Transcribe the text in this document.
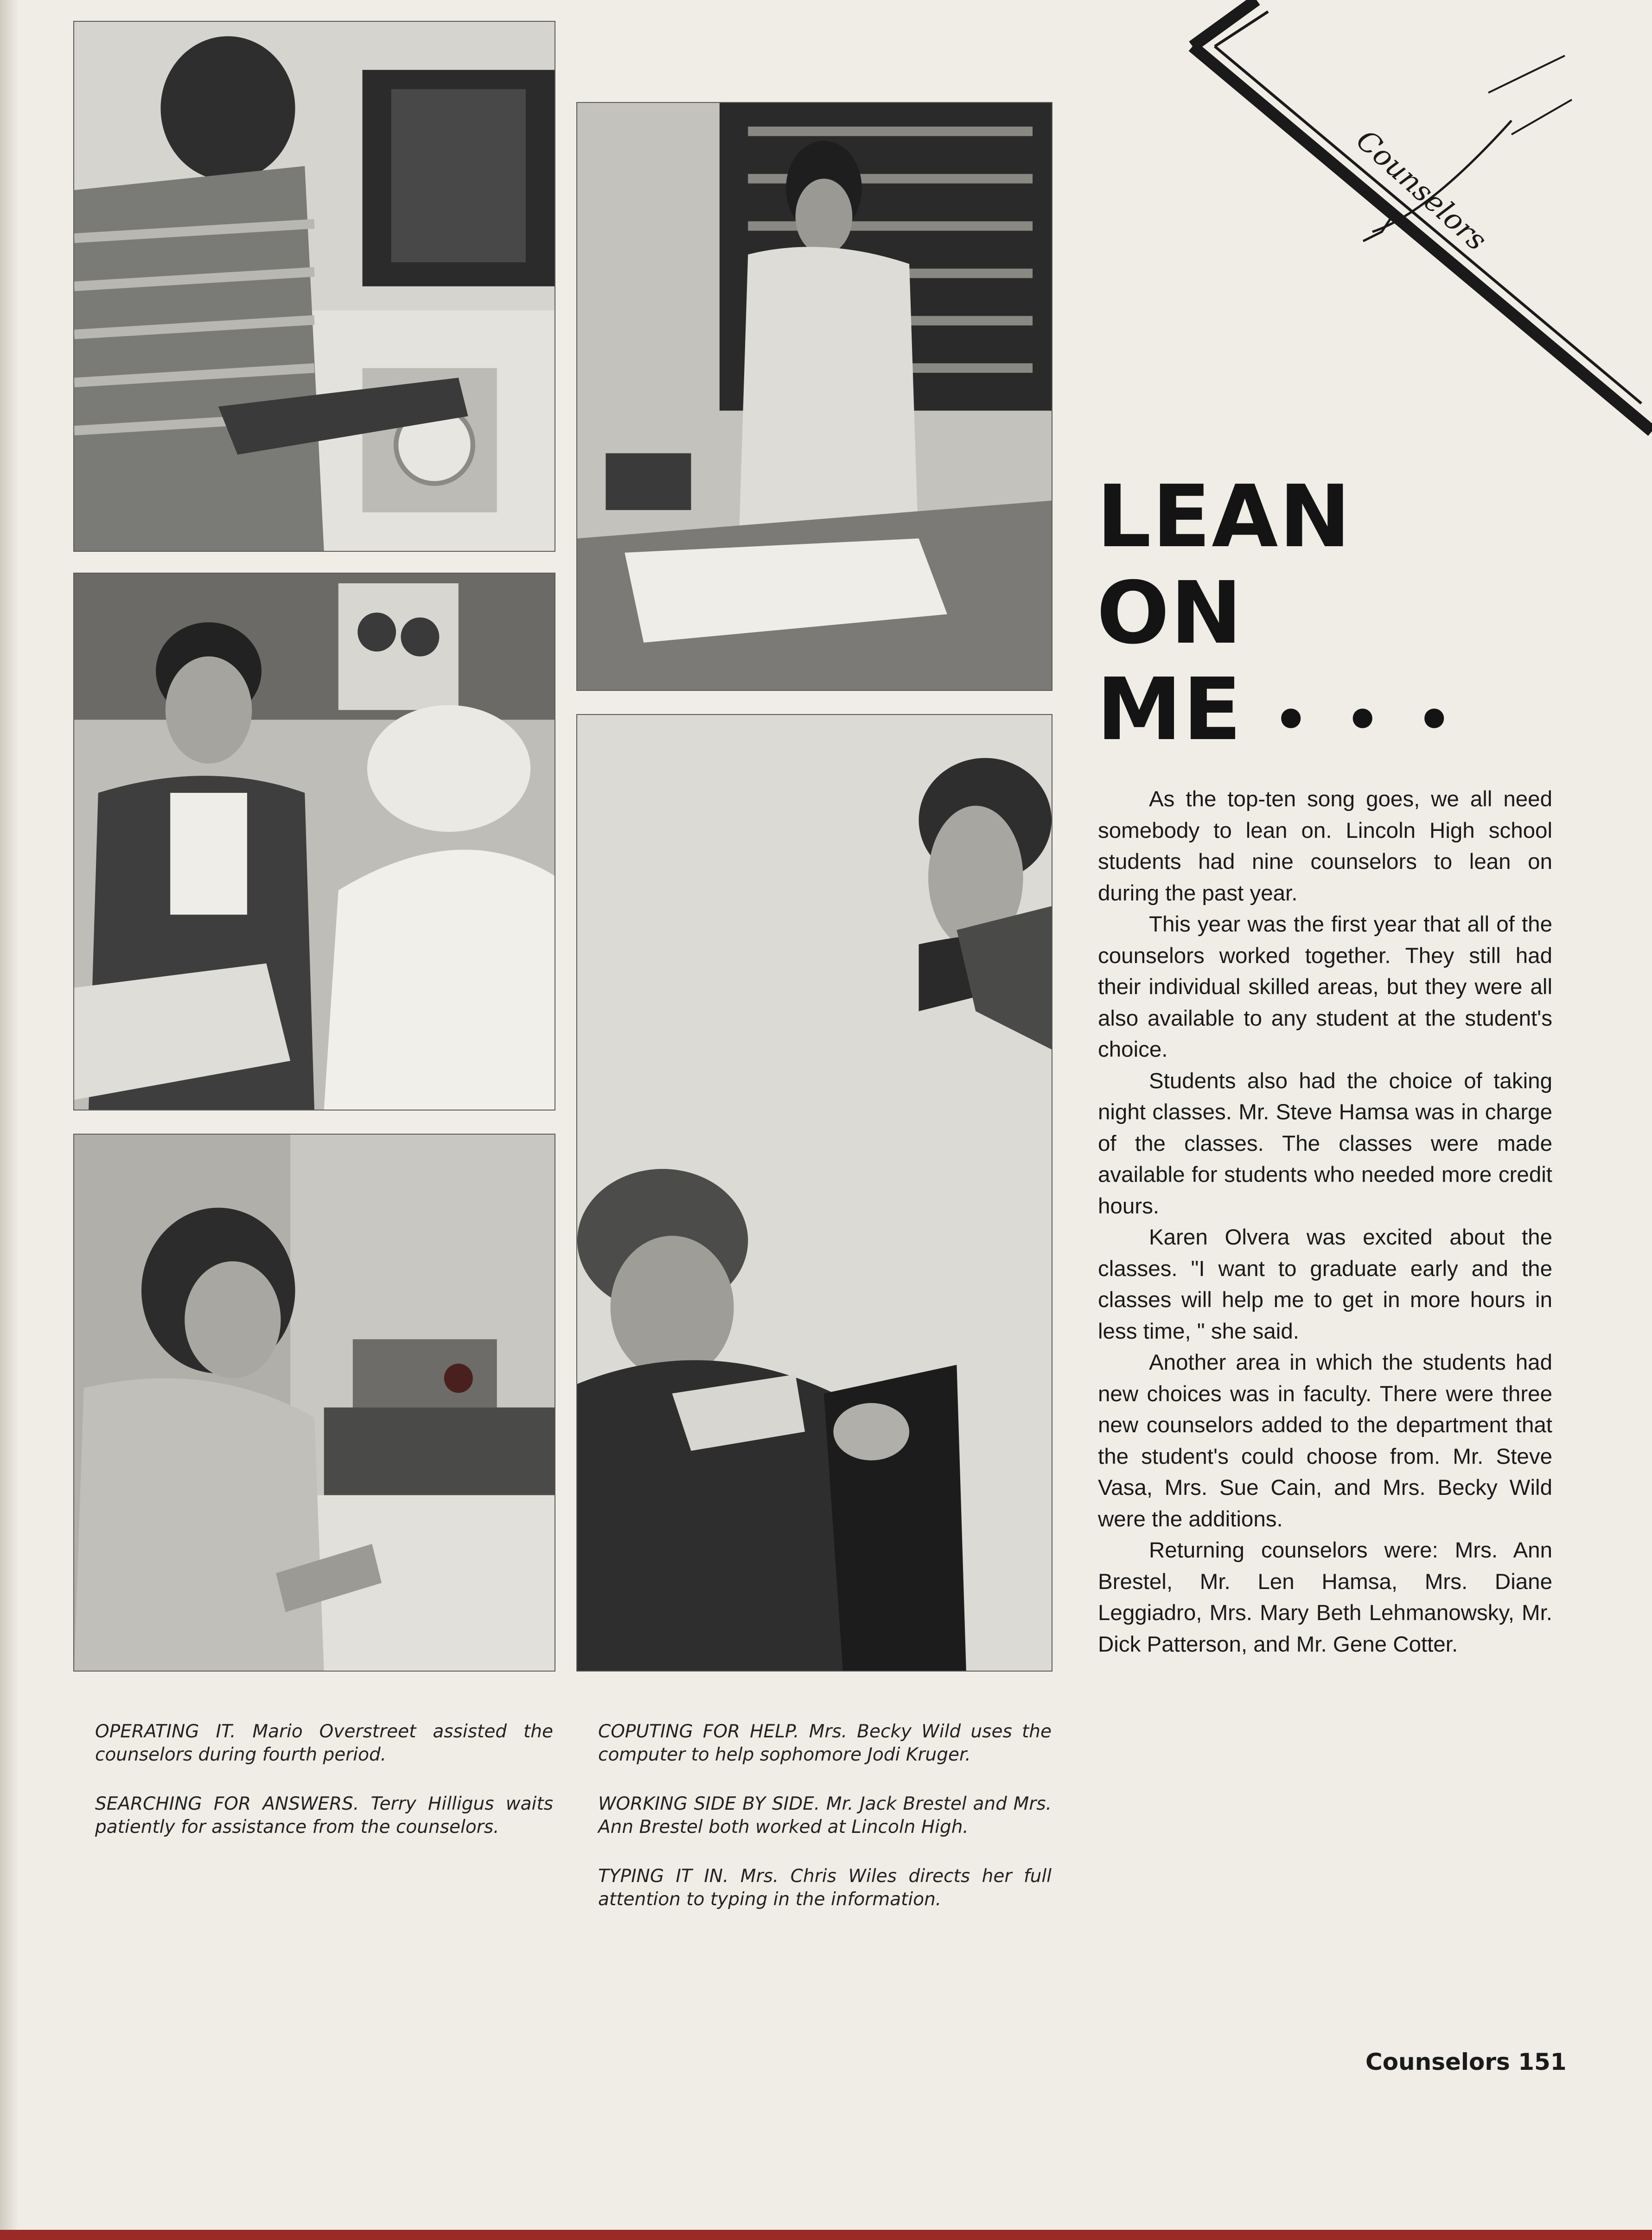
OPERATING IT. Mario Overstreet assisted the counselors during fourth period.

SEARCHING FOR ANSWERS. Terry Hilligus waits patiently for assistance from the counselors.

COPUTING FOR HELP. Mrs. Becky Wild uses the computer to help sophomore Jodi Kruger.

WORKING SIDE BY SIDE. Mr. Jack Brestel and Mrs. Ann Brestel both worked at Lincoln High.

TYPING IT IN. Mrs. Chris Wiles directs her full attention to typing in the information.

Counselors
LEAN
ON
ME • • •

As the top-ten song goes, we all need somebody to lean on. Lincoln High school students had nine counselors to lean on during the past year.

This year was the first year that all of the counselors worked together. They still had their individual skilled areas, but they were all also available to any student at the student's choice.

Students also had the choice of taking night classes. Mr. Steve Hamsa was in charge of the classes. The classes were made available for students who needed more credit hours.

Karen Olvera was excited about the classes. "I want to graduate early and the classes will help me to get in more hours in less time, " she said.

Another area in which the students had new choices was in faculty. There were three new counselors added to the department that the student's could choose from. Mr. Steve Vasa, Mrs. Sue Cain, and Mrs. Becky Wild were the additions.

Returning counselors were: Mrs. Ann Brestel, Mr. Len Hamsa, Mrs. Diane Leggiadro, Mrs. Mary Beth Lehmanowsky, Mr. Dick Patterson, and Mr. Gene Cotter.

Counselors 151
